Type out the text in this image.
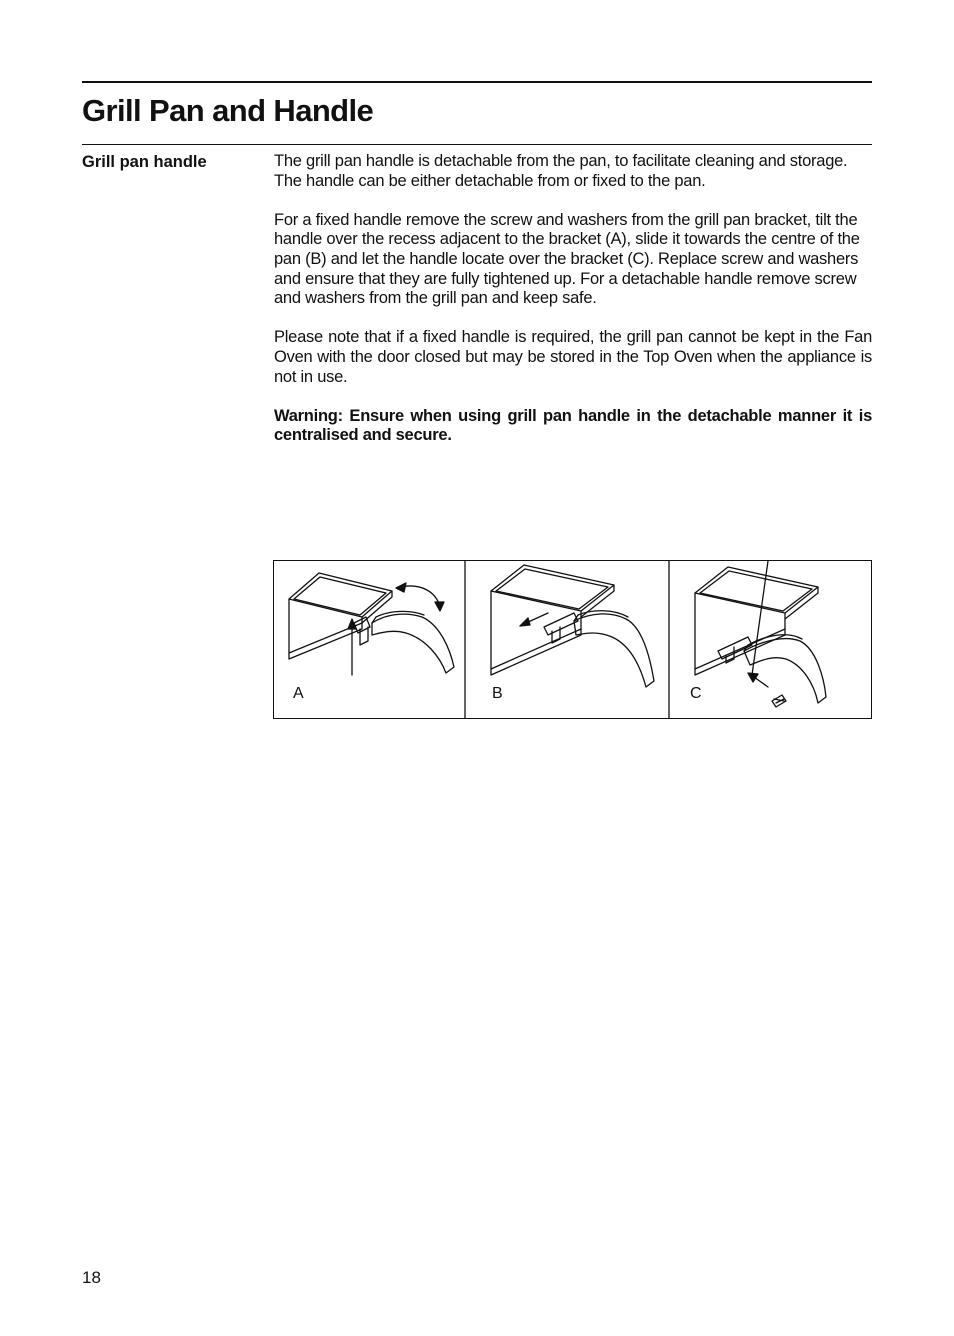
Grill Pan and Handle
Grill pan handle	The grill pan handle is detachable from the pan, to facilitate cleaning and storage.

The handle can be either detachable from or fixed to the pan.

For a fixed handle remove the screw and washers from the grill pan bracket, tilt the handle over the recess adjacent to the bracket (A), slide it towards the centre of the pan (B) and let the handle locate over the bracket (C). Replace screw and washers and ensure that they are fully tightened up. For a detachable handle remove screw and washers from the grill pan and keep safe.

Please note that if a fixed handle is required, the grill pan cannot be kept in the Fan Oven with the door closed but may be stored in the Top Oven when the appliance is not in use.

Warning: Ensure when using grill pan handle in the detachable manner it is centralised and secure.

A	B	C
18
